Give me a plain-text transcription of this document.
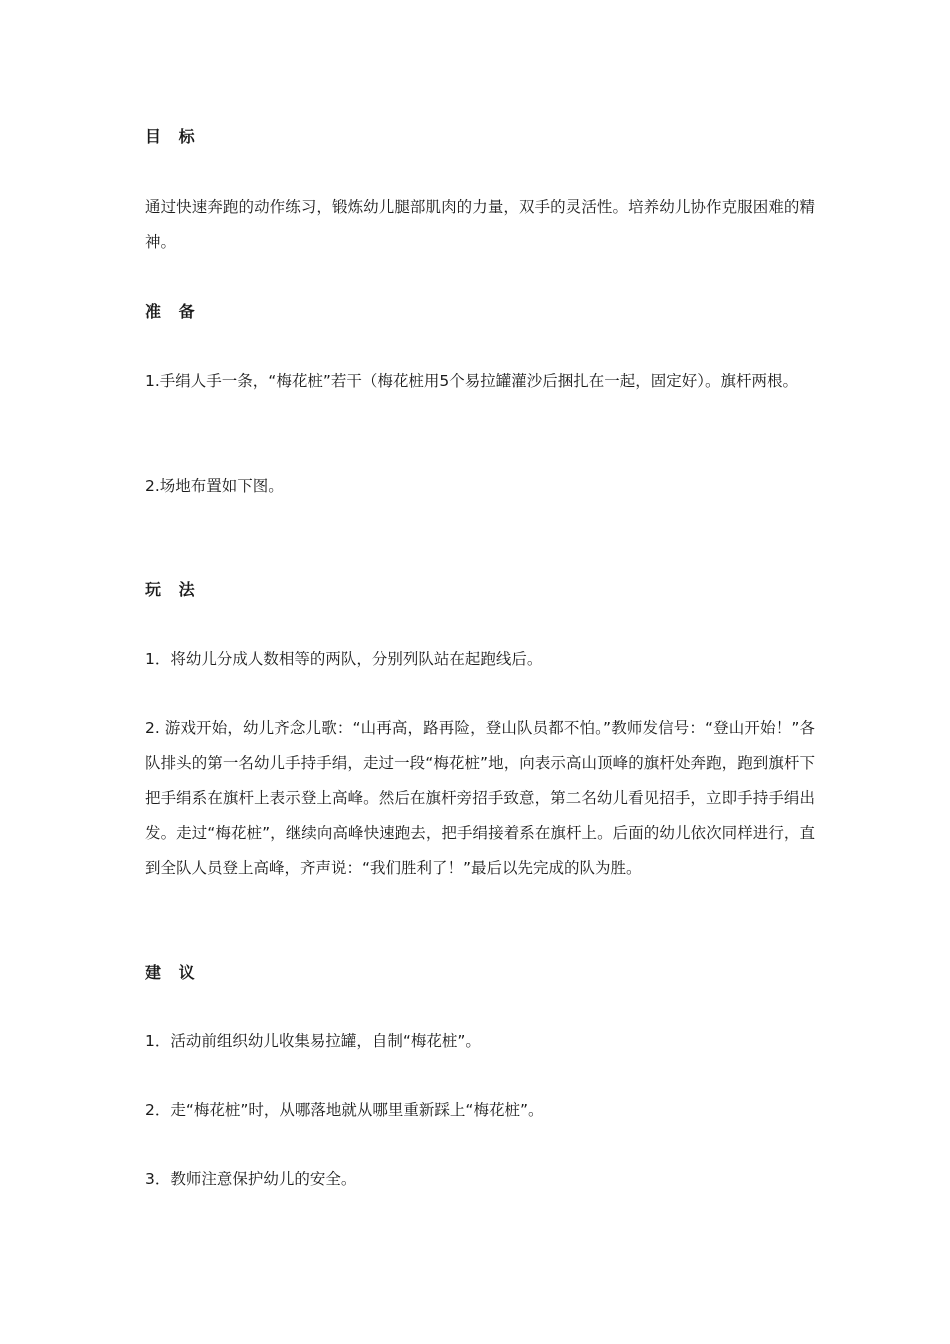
目 标
通过快速奔跑的动作练习，锻炼幼儿腿部肌肉的力量，双手的灵活性。培养幼儿协作克服困难的精神。
准 备
1.手绢人手一条，“梅花桩”若干（梅花桩用5个易拉罐灌沙后捆扎在一起，固定好）。旗杆两根。
2.场地布置如下图。
玩 法
1．将幼儿分成人数相等的两队，分别列队站在起跑线后。
2. 游戏开始，幼儿齐念儿歌：“山再高，路再险，登山队员都不怕。”教师发信号：“登山开始！”各队排头的第一名幼儿手持手绢，走过一段“梅花桩”地，向表示高山顶峰的旗杆处奔跑，跑到旗杆下把手绢系在旗杆上表示登上高峰。然后在旗杆旁招手致意，第二名幼儿看见招手，立即手持手绢出发。走过“梅花桩”，继续向高峰快速跑去，把手绢接着系在旗杆上。后面的幼儿依次同样进行，直到全队人员登上高峰，齐声说：“我们胜利了！”最后以先完成的队为胜。
建 议
1．活动前组织幼儿收集易拉罐，自制“梅花桩”。
2．走“梅花桩”时，从哪落地就从哪里重新踩上“梅花桩”。
3．教师注意保护幼儿的安全。
